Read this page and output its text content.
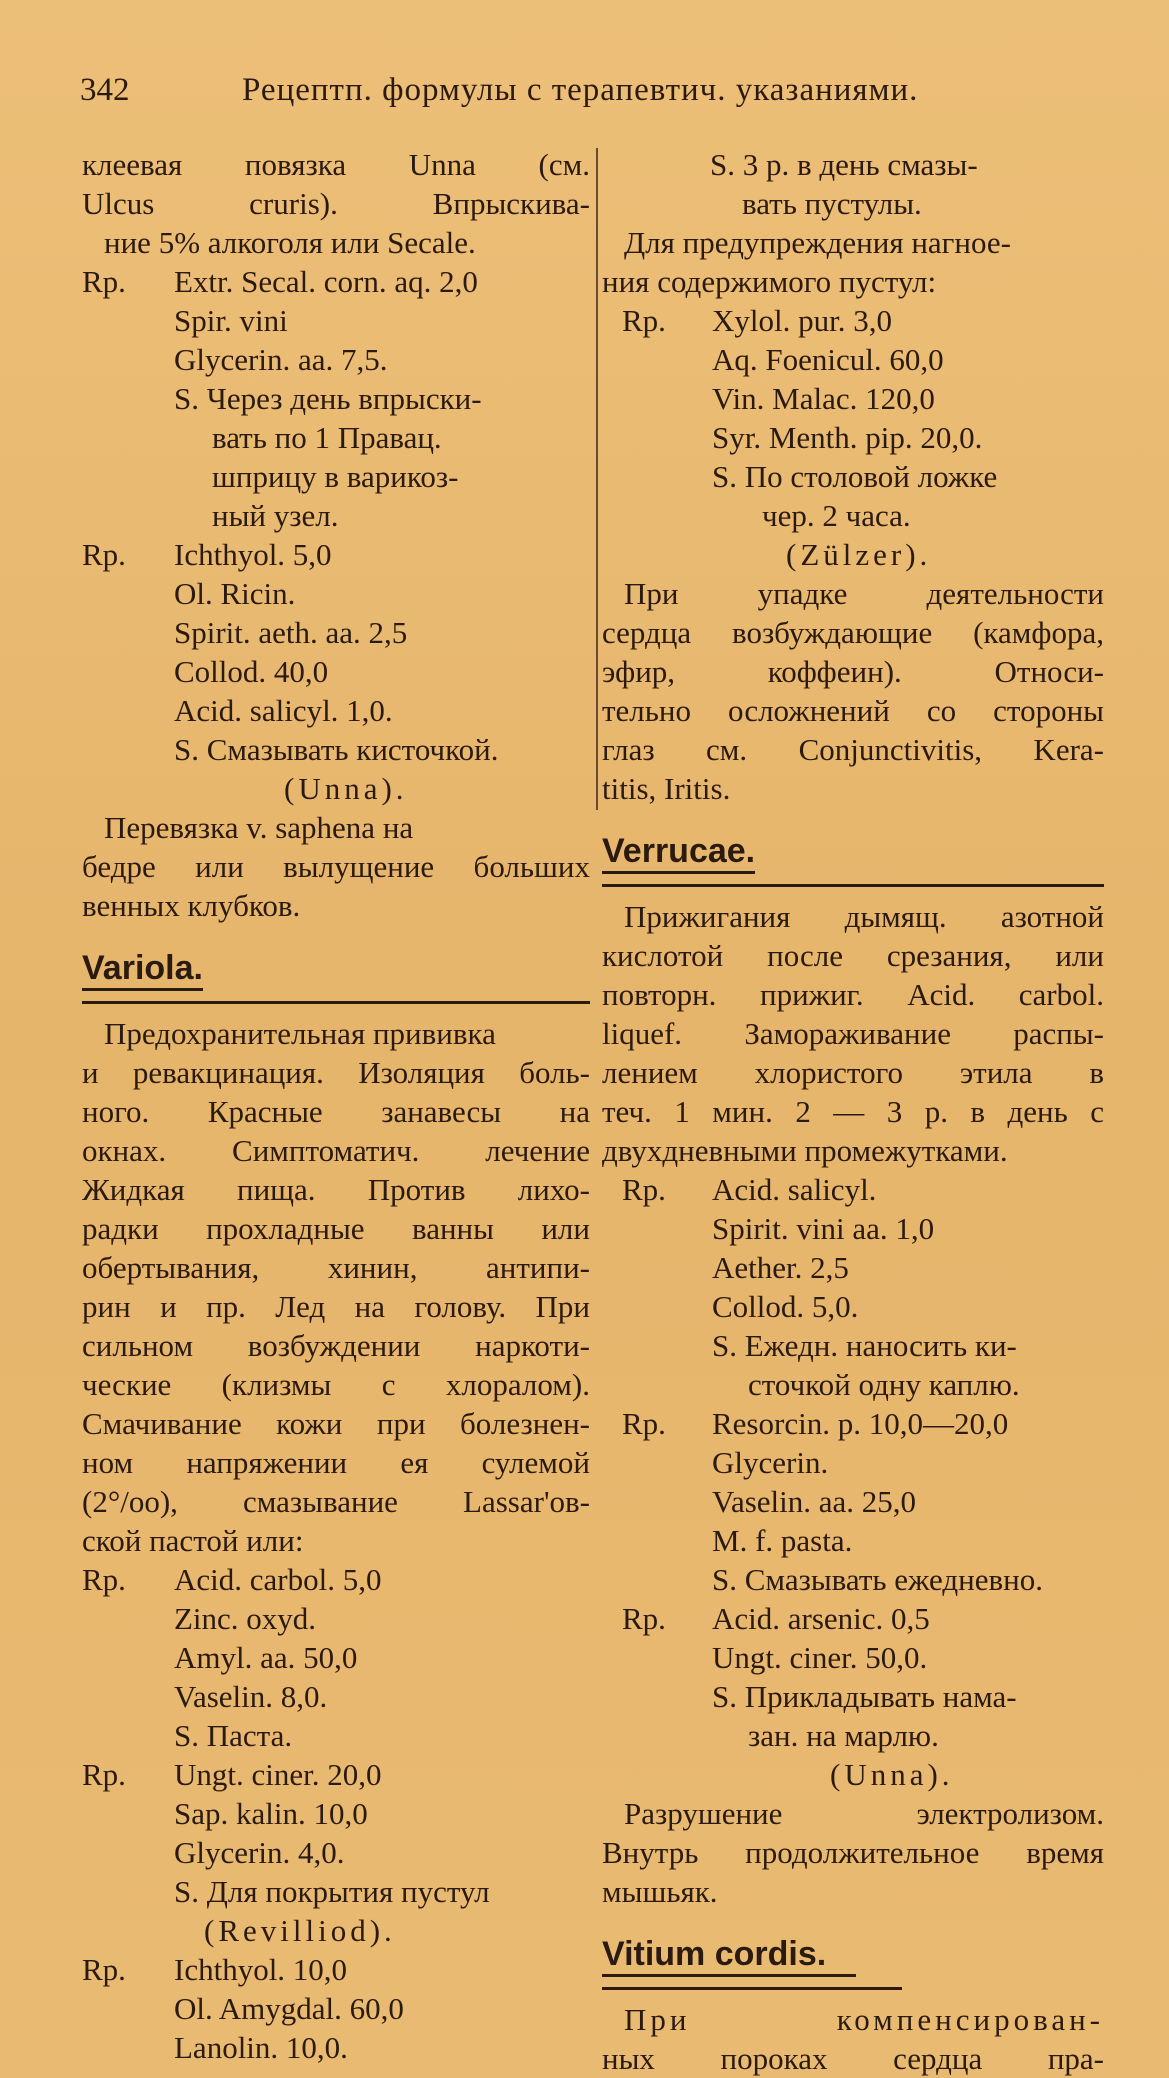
342	Рецептп. формулы с терапевтич. указаниями.
клеевая повязка Unna (см.
Ulcus cruris). Впрыскива-
ние 5% алкоголя или Secale.
Rp.	Extr. Secal. corn. aq. 2,0
Spir. vini
Glycerin. aa. 7,5.
S. Через день впрыски-
вать по 1 Правац.
шприцу в варикоз-
ный узел.
Rp.	Ichthyol. 5,0
Ol. Ricin.
Spirit. aeth. aa. 2,5
Collod. 40,0
Acid. salicyl. 1,0.
S. Смазывать кисточкой.
(Unna).
Перевязка v. saphena на
бедре или вылущение больших
венных клубков.
Variola.
Предохранительная прививка
и ревакцинация. Изоляция боль-
ного. Красные занавесы на
окнах. Симптоматич. лечение
Жидкая пища. Против лихо-
радки прохладные ванны или
обертывания, хинин, антипи-
рин и пр. Лед на голову. При
сильном возбуждении наркоти-
ческие (клизмы с хлоралом).
Смачивание кожи при болезнен-
ном напряжении ея сулемой
(2°/oo), смазывание Lassar'ов-
ской пастой или:
Rp.	Acid. carbol. 5,0
Zinc. oxyd.
Amyl. aa. 50,0
Vaselin. 8,0.
S. Паста.
Rp.	Ungt. ciner. 20,0
Sap. kalin. 10,0
Glycerin. 4,0.
S. Для покрытия пустул
(Revilliod).
Rp.	Ichthyol. 10,0
Ol. Amygdal. 60,0
Lanolin. 10,0.
S. 3 р. в день смазы-
вать пустулы.
Для предупреждения нагное-
ния содержимого пустул:
Rp.	Xylol. pur. 3,0
Aq. Foenicul. 60,0
Vin. Malac. 120,0
Syr. Menth. pip. 20,0.
S. По столовой ложке
чер. 2 часа.
(Zülzer).
При упадке деятельности
сердца возбуждающие (камфора,
эфир, коффеин). Относи-
тельно осложнений со стороны
глаз см. Conjunctivitis, Kera-
titis, Iritis.
Verrucae.
Прижигания дымящ. азотной
кислотой после срезания, или
повторн. прижиг. Acid. carbol.
liquef. Замораживание распы-
лением хлористого этила в
теч. 1 мин. 2 — 3 р. в день с
двухдневными промежутками.
Rp.	Acid. salicyl.
Spirit. vini aa. 1,0
Aether. 2,5
Collod. 5,0.
S. Ежедн. наносить ки-
сточкой одну каплю.
Rp.	Resorcin. p. 10,0—20,0
Glycerin.
Vaselin. aa. 25,0
M. f. pasta.
S. Смазывать ежедневно.
Rp.	Acid. arsenic. 0,5
Ungt. ciner. 50,0.
S. Прикладывать нама-
зан. на марлю.
(Unna).
Разрушение электролизом.
Внутрь продолжительное время
мышьяк.
Vitium cordis.
При компенсирован-
ных пороках сердца пра-
